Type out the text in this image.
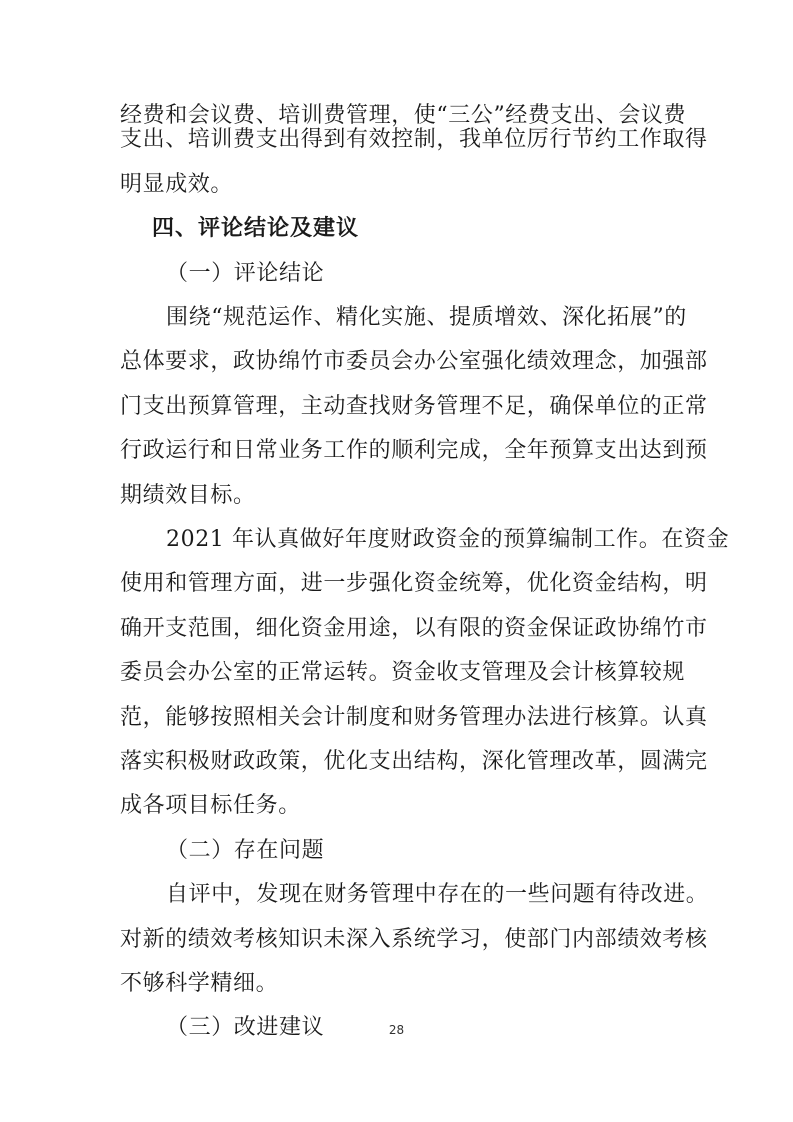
经费和会议费、培训费管理，使“三公”经费支出、会议费
支出、培训费支出得到有效控制，我单位厉行节约工作取得
明显成效。
四、评论结论及建议
（一）评论结论
围绕“规范运作、精化实施、提质增效、深化拓展”的
总体要求，政协绵竹市委员会办公室强化绩效理念，加强部
门支出预算管理，主动查找财务管理不足，确保单位的正常
行政运行和日常业务工作的顺利完成，全年预算支出达到预
期绩效目标。
2021 年认真做好年度财政资金的预算编制工作。在资金
使用和管理方面，进一步强化资金统筹，优化资金结构，明
确开支范围，细化资金用途，以有限的资金保证政协绵竹市
委员会办公室的正常运转。资金收支管理及会计核算较规
范，能够按照相关会计制度和财务管理办法进行核算。认真
落实积极财政政策，优化支出结构，深化管理改革，圆满完
成各项目标任务。
（二）存在问题
自评中，发现在财务管理中存在的一些问题有待改进。
对新的绩效考核知识未深入系统学习，使部门内部绩效考核
不够科学精细。
（三）改进建议	28
